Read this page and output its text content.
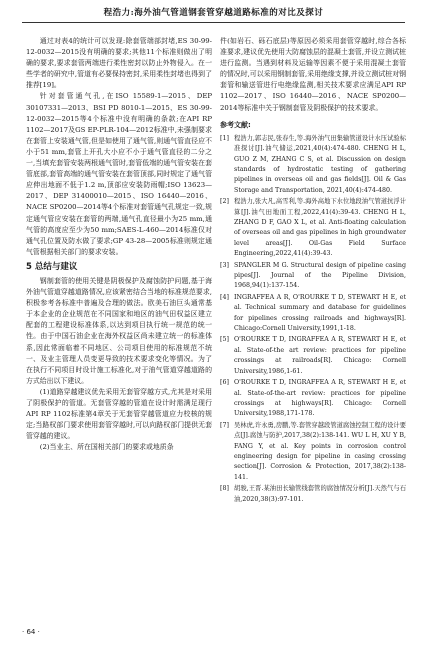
程浩力:海外油气管道钢套管穿越道路标准的对比及探讨

通过对表4的统计可以发现:除套管端部封堵,ES 30-99-12-0032—2015没有明确的要求;其他11个标准则做出了明确的要求,要求套管两端进行柔性密封以防止外物侵入。在一些学者的研究中,管道有必要保持密封,采用柔性封堵也得到了推荐[19]。

针对套管通气孔,在ISO 15589-1—2015、DEP 30107331—2013、BSI PD 8010-1—2015、ES 30-99-12-0032—2015等4个标准中没有明确的条款;在API RP 1102—2017及GS EP-PLR-104—2012标准中,未强制要求在套管上安装通气管,但是如使用了通气管,则通气管直径应不小于51 mm,套管上开孔大小应不小于通气管直径的二分之一,当填充套管安装两根通气管时,套管低端的通气管安装在套管底部,套管高端的通气管安装在套管顶部,同时规定了通气管应伸出地面不低于1.2 m,顶部应安装防雨帽;ISO 13623—2017、DEP 31400010—2015、ISO 16440—2016、NACE SP0200—2014等4个标准对套管通气孔规定一致,规定通气管应安装在套管的两端,通气孔直径最小为25 mm,通气管的高度应至少为50 mm;SAES-L-460—2014标准仅对通气孔位置及防水做了要求;GP 43-28—2005标准则规定通气管根据相关部门的要求安装。

5 总结与建议

钢制套管的使用关键是阴极保护及腐蚀防护问题,基于海外油气管道穿越道路情况,应该紧密结合当地的标准规范要求,积极参考各标准中普遍及合理的做法。欧美石油巨头通常基于本企业的企业规范在不同国家和地区的油气田权益区建立配套的工程建设标准体系,以达到项目执行统一规范的统一性。由于中国石油企业在海外权益区尚未建立统一的标准体系,因此常面临着不同地区、公司项目使用的标准规范不统一、及业主管理人员变更导致的技术要求变化等情况。为了在执行不同项目时设计施工标准化,对于油气管道穿越道路的方式给出以下建议。

(1)道路穿越建议优先采用无套管穿越方式,尤其是对采用了阴极保护的管道。无套管穿越的管道在设计时需满足现行API RP 1102标准第4章关于无套管穿越管道应力校核的规定;当路权部门要求使用套管穿越时,可以向路权部门提供无套管穿越的建议。

(2)当业主、所在国相关部门的要求或地质条

件(如岩石、砾石底层)等原因必须采用套管穿越时,综合各标准要求,建议优先使用大防腐蚀层的混凝土套管,并设立测试桩进行监测。当遇到材料及运输等因素不便于采用混凝土套管的情况时,可以采用钢制套管,采用绝缘支撑,并设立测试桩对钢套管和输送管进行电绝缘监测,相关技术要求应满足API RP 1102—2017、ISO 16440—2016、NACE SP0200—2014等标准中关于钢制套管及阴极保护的技术要求。

参考文献:
[1] 程浩力,郭志民,张春生,等.海外油气田集输管道设计水压试验标准探讨[J].油气储运,2021,40(4):474-480. CHENG H L, GUO Z M, ZHANG C S, et al. Discussion on design standards of hydrostatic testing of gathering pipelines in overseas oil and gas fields[J]. Oil & Gas Storage and Transportation, 2021,40(4):474-480.
[2] 程浩力,张大凡,高雪利,等.海外高地下水位地段油气管道抗浮计算[J].油气田地面工程,2022,41(4):39-43. CHENG H L, ZHANG D F, GAO X L, et al. Anti-floating calculation of overseas oil and gas pipelines in high groundwater level areas[J]. Oil-Gas Field Surface Engineering,2022,41(4):39-43.
[3] SPANGLER M G. Structural design of pipeline casing pipes[J]. Journal of the Pipeline Division, 1968,94(1):137-154.
[4] INGRAFFEA A R, O'ROURKE T D, STEWART H E, et al. Technical summary and database for guidelines for pipelines crossing railroads and highways[R]. Chicago:Cornell University,1991,1-18.
[5] O'ROURKE T D, INGRAFFEA A R, STEWART H E, et al. State-of-the art review: practices for pipeline crossings at railroads[R]. Chicago: Cornell University,1986,1-61.
[6] O'ROURKE T D, INGRAFFEA A R, STEWART H E, et al. State-of-the-art review: practices for pipeline crossings at highways[R]. Chicago: Cornell University,1988,171-178.
[7] 吴林虎,许永勇,房鹏,等.套管穿越段管道腐蚀控制工程的设计要点[J].腐蚀与防护,2017,38(2):138-141. WU L H, XU Y B, FANG Y, et al. Key points in corrosion control engineering design for pipeline in casing crossing section[J]. Corrosion & Protection, 2017,38(2):138-141.
[8] 胡骏,王晋.某油田长输管线套管的腐蚀情况分析[J].天然气与石油,2020,38(3):97-101.
· 64 ·
